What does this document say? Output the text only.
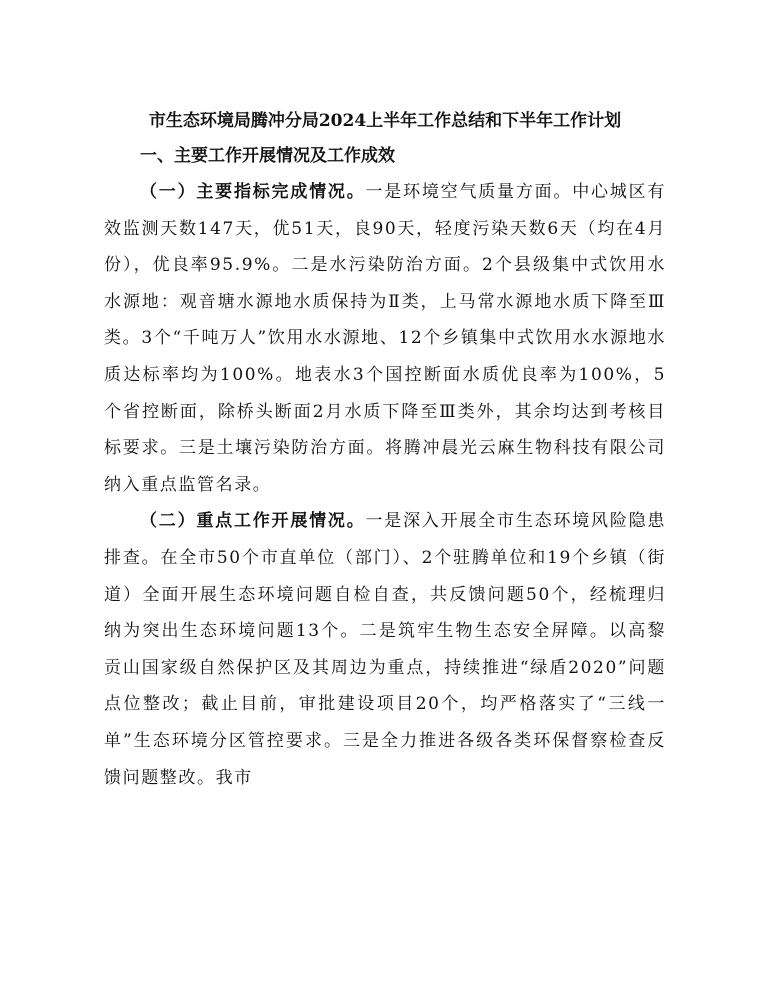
市生态环境局腾冲分局2024上半年工作总结和下半年工作计划

一、主要工作开展情况及工作成效

（一）主要指标完成情况。一是环境空气质量方面。中心城区有效监测天数147天，优51天，良90天，轻度污染天数6天（均在4月份），优良率95.9%。二是水污染防治方面。2个县级集中式饮用水水源地：观音塘水源地水质保持为Ⅱ类，上马常水源地水质下降至Ⅲ类。3个“千吨万人”饮用水水源地、12个乡镇集中式饮用水水源地水质达标率均为100%。地表水3个国控断面水质优良率为100%，5个省控断面，除桥头断面2月水质下降至Ⅲ类外，其余均达到考核目标要求。三是土壤污染防治方面。将腾冲晨光云麻生物科技有限公司纳入重点监管名录。

（二）重点工作开展情况。一是深入开展全市生态环境风险隐患排查。在全市50个市直单位（部门）、2个驻腾单位和19个乡镇（街道）全面开展生态环境问题自检自查，共反馈问题50个，经梳理归纳为突出生态环境问题13个。二是筑牢生物生态安全屏障。以高黎贡山国家级自然保护区及其周边为重点，持续推进“绿盾2020”问题点位整改；截止目前，审批建设项目20个，均严格落实了“三线一单”生态环境分区管控要求。三是全力推进各级各类环保督察检查反馈问题整改。我市
